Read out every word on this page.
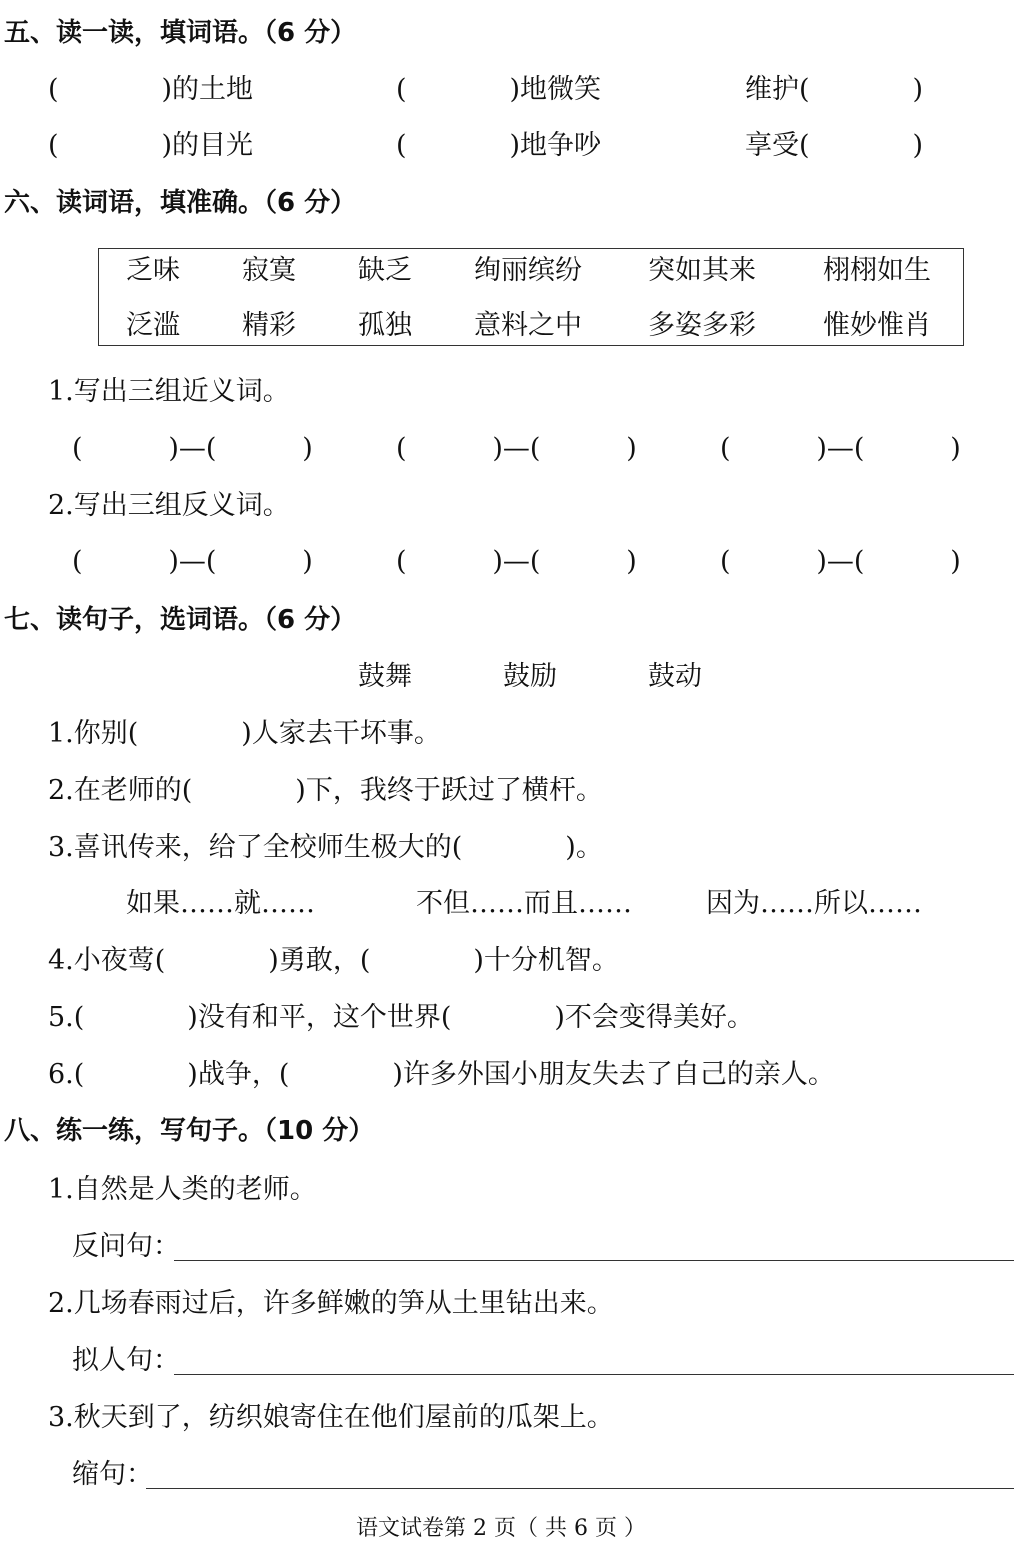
五、读一读，填词语。（6 分）
(            )的土地	(            )地微笑	维护(            )
(            )的目光	(            )地争吵	享受(            )
六、读词语，填准确。（6 分）
乏味 寂寞 缺乏 绚丽缤纷 突如其来 栩栩如生
泛滥 精彩 孤独 意料之中 多姿多彩 惟妙惟肖
1.写出三组近义词。
(          )—(          )	(          )—(          )	(          )—(          )
2.写出三组反义词。
(          )—(          )	(          )—(          )	(          )—(          )
七、读句子，选词语。（6 分）
鼓舞	鼓励	鼓动
1.你别(            )人家去干坏事。
2.在老师的(            )下，我终于跃过了横杆。
3.喜讯传来，给了全校师生极大的(            )。
如果……就……	不但……而且……	因为……所以……
4.小夜莺(            )勇敢，(            )十分机智。
5.(            )没有和平，这个世界(            )不会变得美好。
6.(            )战争，(            )许多外国小朋友失去了自己的亲人。
八、练一练，写句子。（10 分）
1.自然是人类的老师。
反问句：
2.几场春雨过后，许多鲜嫩的笋从土里钻出来。
拟人句：
3.秋天到了，纺织娘寄住在他们屋前的瓜架上。
缩句：
语文试卷第 2 页（ 共 6 页 ）
